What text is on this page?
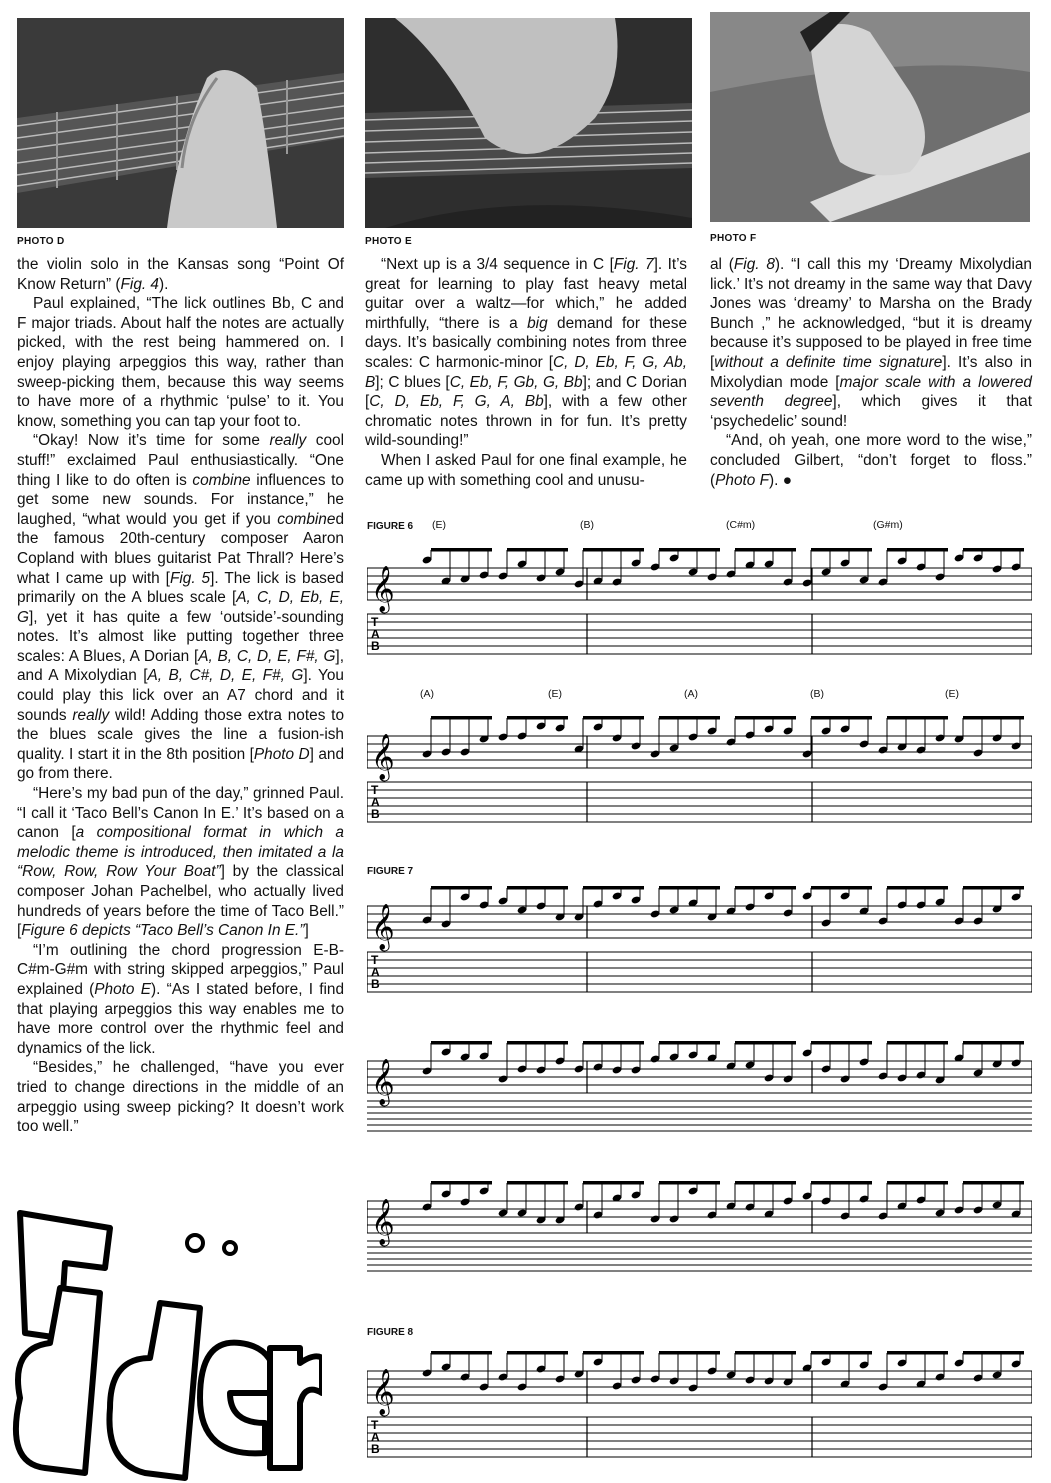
PHOTO D	PHOTO E	PHOTO F

the violin solo in the Kansas song “Point Of Know Return” (Fig. 4).

Paul explained, “The lick outlines Bb, C and F major triads. About half the notes are actually picked, with the rest being hammered on. I enjoy playing arpeggios this way, rather than sweep-picking them, because this way seems to have more of a rhythmic ‘pulse’ to it. You know, something you can tap your foot to.

“Okay! Now it’s time for some really cool stuff!” exclaimed Paul enthusiastically. “One thing I like to do often is combine influences to get some new sounds. For instance,” he laughed, “what would you get if you combined the famous 20th-century composer Aaron Copland with blues guitarist Pat Thrall? Here’s what I came up with [Fig. 5]. The lick is based primarily on the A blues scale [A, C, D, Eb, E, G], yet it has quite a few ‘outside’-sounding notes. It’s almost like putting together three scales: A Blues, A Dorian [A, B, C, D, E, F#, G], and A Mixolydian [A, B, C#, D, E, F#, G]. You could play this lick over an A7 chord and it sounds really wild! Adding those extra notes to the blues scale gives the line a fusion-ish quality. I start it in the 8th position [Photo D] and go from there.

“Here’s my bad pun of the day,” grinned Paul. “I call it ‘Taco Bell’s Canon In E.’ It’s based on a canon [a compositional format in which a melodic theme is introduced, then imitated a la “Row, Row, Row Your Boat”] by the classical composer Johan Pachelbel, who actually lived hundreds of years before the time of Taco Bell.” [Figure 6 depicts “Taco Bell’s Canon In E.”]

“I’m outlining the chord progression E-B-C#m-G#m with string skipped arpeggios,” Paul explained (Photo E). “As I stated before, I find that playing arpeggios this way enables me to have more control over the rhythmic feel and dynamics of the lick.

“Besides,” he challenged, “have you ever tried to change directions in the middle of an arpeggio using sweep picking? It doesn’t work too well.”

“Next up is a 3/4 sequence in C [Fig. 7]. It’s great for learning to play fast heavy metal guitar over a waltz—for which,” he added mirthfully, “there is a big demand for these days. It’s basically combining notes from three scales: C harmonic-minor [C, D, Eb, F, G, Ab, B]; C blues [C, Eb, F, Gb, G, Bb]; and C Dorian [C, D, Eb, F, G, A, Bb], with a few other chromatic notes thrown in for fun. It’s pretty wild-sounding!”

When I asked Paul for one final example, he came up with something cool and unusu-

al (Fig. 8). “I call this my ‘Dreamy Mixolydian lick.’ It’s not dreamy in the same way that Davy Jones was ‘dreamy’ to Marsha on the Brady Bunch ,” he acknowledged, “but it is dreamy because it’s supposed to be played in free time [without a definite time signature]. It’s also in Mixolydian mode [major scale with a lowered seventh degree], which gives it that ‘psychedelic’ sound!

“And, oh yeah, one more word to the wise,” concluded Gilbert, “don’t forget to floss.” (Photo F). ●

FIGURE 6 (E)	(B)	(C#m)	(G#m)
𝄞
T
A
B
(A)	(E)	(A)	(B)	(E)
𝄞
T
A
B
FIGURE 7
𝄞
T
A
B
𝄞
𝄞
FIGURE 8
𝄞
T
A
B
dder
